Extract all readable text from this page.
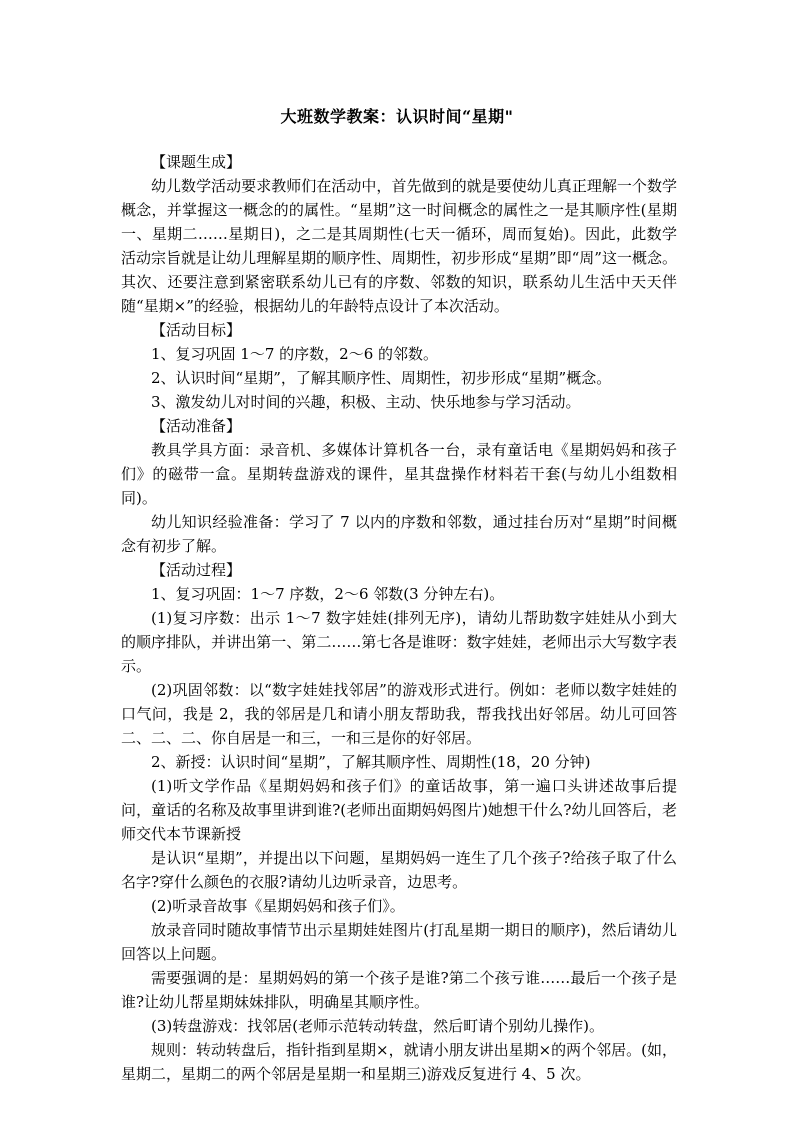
大班数学教案：认识时间“星期"

【课题生成】

幼儿数学活动要求教师们在活动中，首先做到的就是要使幼儿真正理解一个数学概念，并掌握这一概念的的属性。“星期”这一时间概念的属性之一是其顺序性(星期一、星期二……星期日)，之二是其周期性(七天一循环，周而复始)。因此，此数学活动宗旨就是让幼儿理解星期的顺序性、周期性，初步形成“星期”即“周”这一概念。其次、还要注意到紧密联系幼儿已有的序数、邻数的知识，联系幼儿生活中天天伴随“星期×”的经验，根据幼儿的年龄特点设计了本次活动。

【活动目标】

1、复习巩固 1～7 的序数，2～6 的邻数。

2、认识时间“星期”，了解其顺序性、周期性，初步形成“星期”概念。

3、激发幼儿对时间的兴趣，积极、主动、快乐地参与学习活动。

【活动准备】

教具学具方面：录音机、多媒体计算机各一台，录有童话电《星期妈妈和孩子们》的磁带一盒。星期转盘游戏的课件，星其盘操作材料若干套(与幼儿小组数相同)。

幼儿知识经验准备：学习了 7 以内的序数和邻数，通过挂台历对“星期”时间概念有初步了解。

【活动过程】

1、复习巩固：1～7 序数，2～6 邻数(3 分钟左右)。

(1)复习序数：出示 1～7 数字娃娃(排列无序)，请幼儿帮助数字娃娃从小到大的顺序排队，并讲出第一、第二……第七各是谁呀：数字娃娃，老师出示大写数字表示。

(2)巩固邻数：以“数字娃娃找邻居”的游戏形式进行。例如：老师以数字娃娃的口气问，我是 2，我的邻居是几和请小朋友帮助我，帮我找出好邻居。幼儿可回答二、二、二、你自居是一和三，一和三是你的好邻居。

2、新授：认识时间“星期”，了解其顺序性、周期性(18，20 分钟)

(1)听文学作品《星期妈妈和孩子们》的童话故事，第一遍口头讲述故事后提问，童话的名称及故事里讲到谁?(老师出面期妈妈图片)她想干什么?幼儿回答后，老师交代本节课新授

是认识“星期”，并提出以下问题，星期妈妈一连生了几个孩子?给孩子取了什么名字?穿什么颜色的衣服?请幼儿边听录音，边思考。

(2)听录音故事《星期妈妈和孩子们》。

放录音同时随故事情节出示星期娃娃图片(打乱星期一期日的顺序)，然后请幼儿回答以上问题。

需要强调的是：星期妈妈的第一个孩子是谁?第二个孩亏谁……最后一个孩子是谁?让幼儿帮星期妹妹排队，明确星其顺序性。

(3)转盘游戏：找邻居(老师示范转动转盘，然后町请个别幼儿操作)。

规则：转动转盘后，指针指到星期×，就请小朋友讲出星期×的两个邻居。(如，星期二，星期二的两个邻居是星期一和星期三)游戏反复进行 4、5 次。
